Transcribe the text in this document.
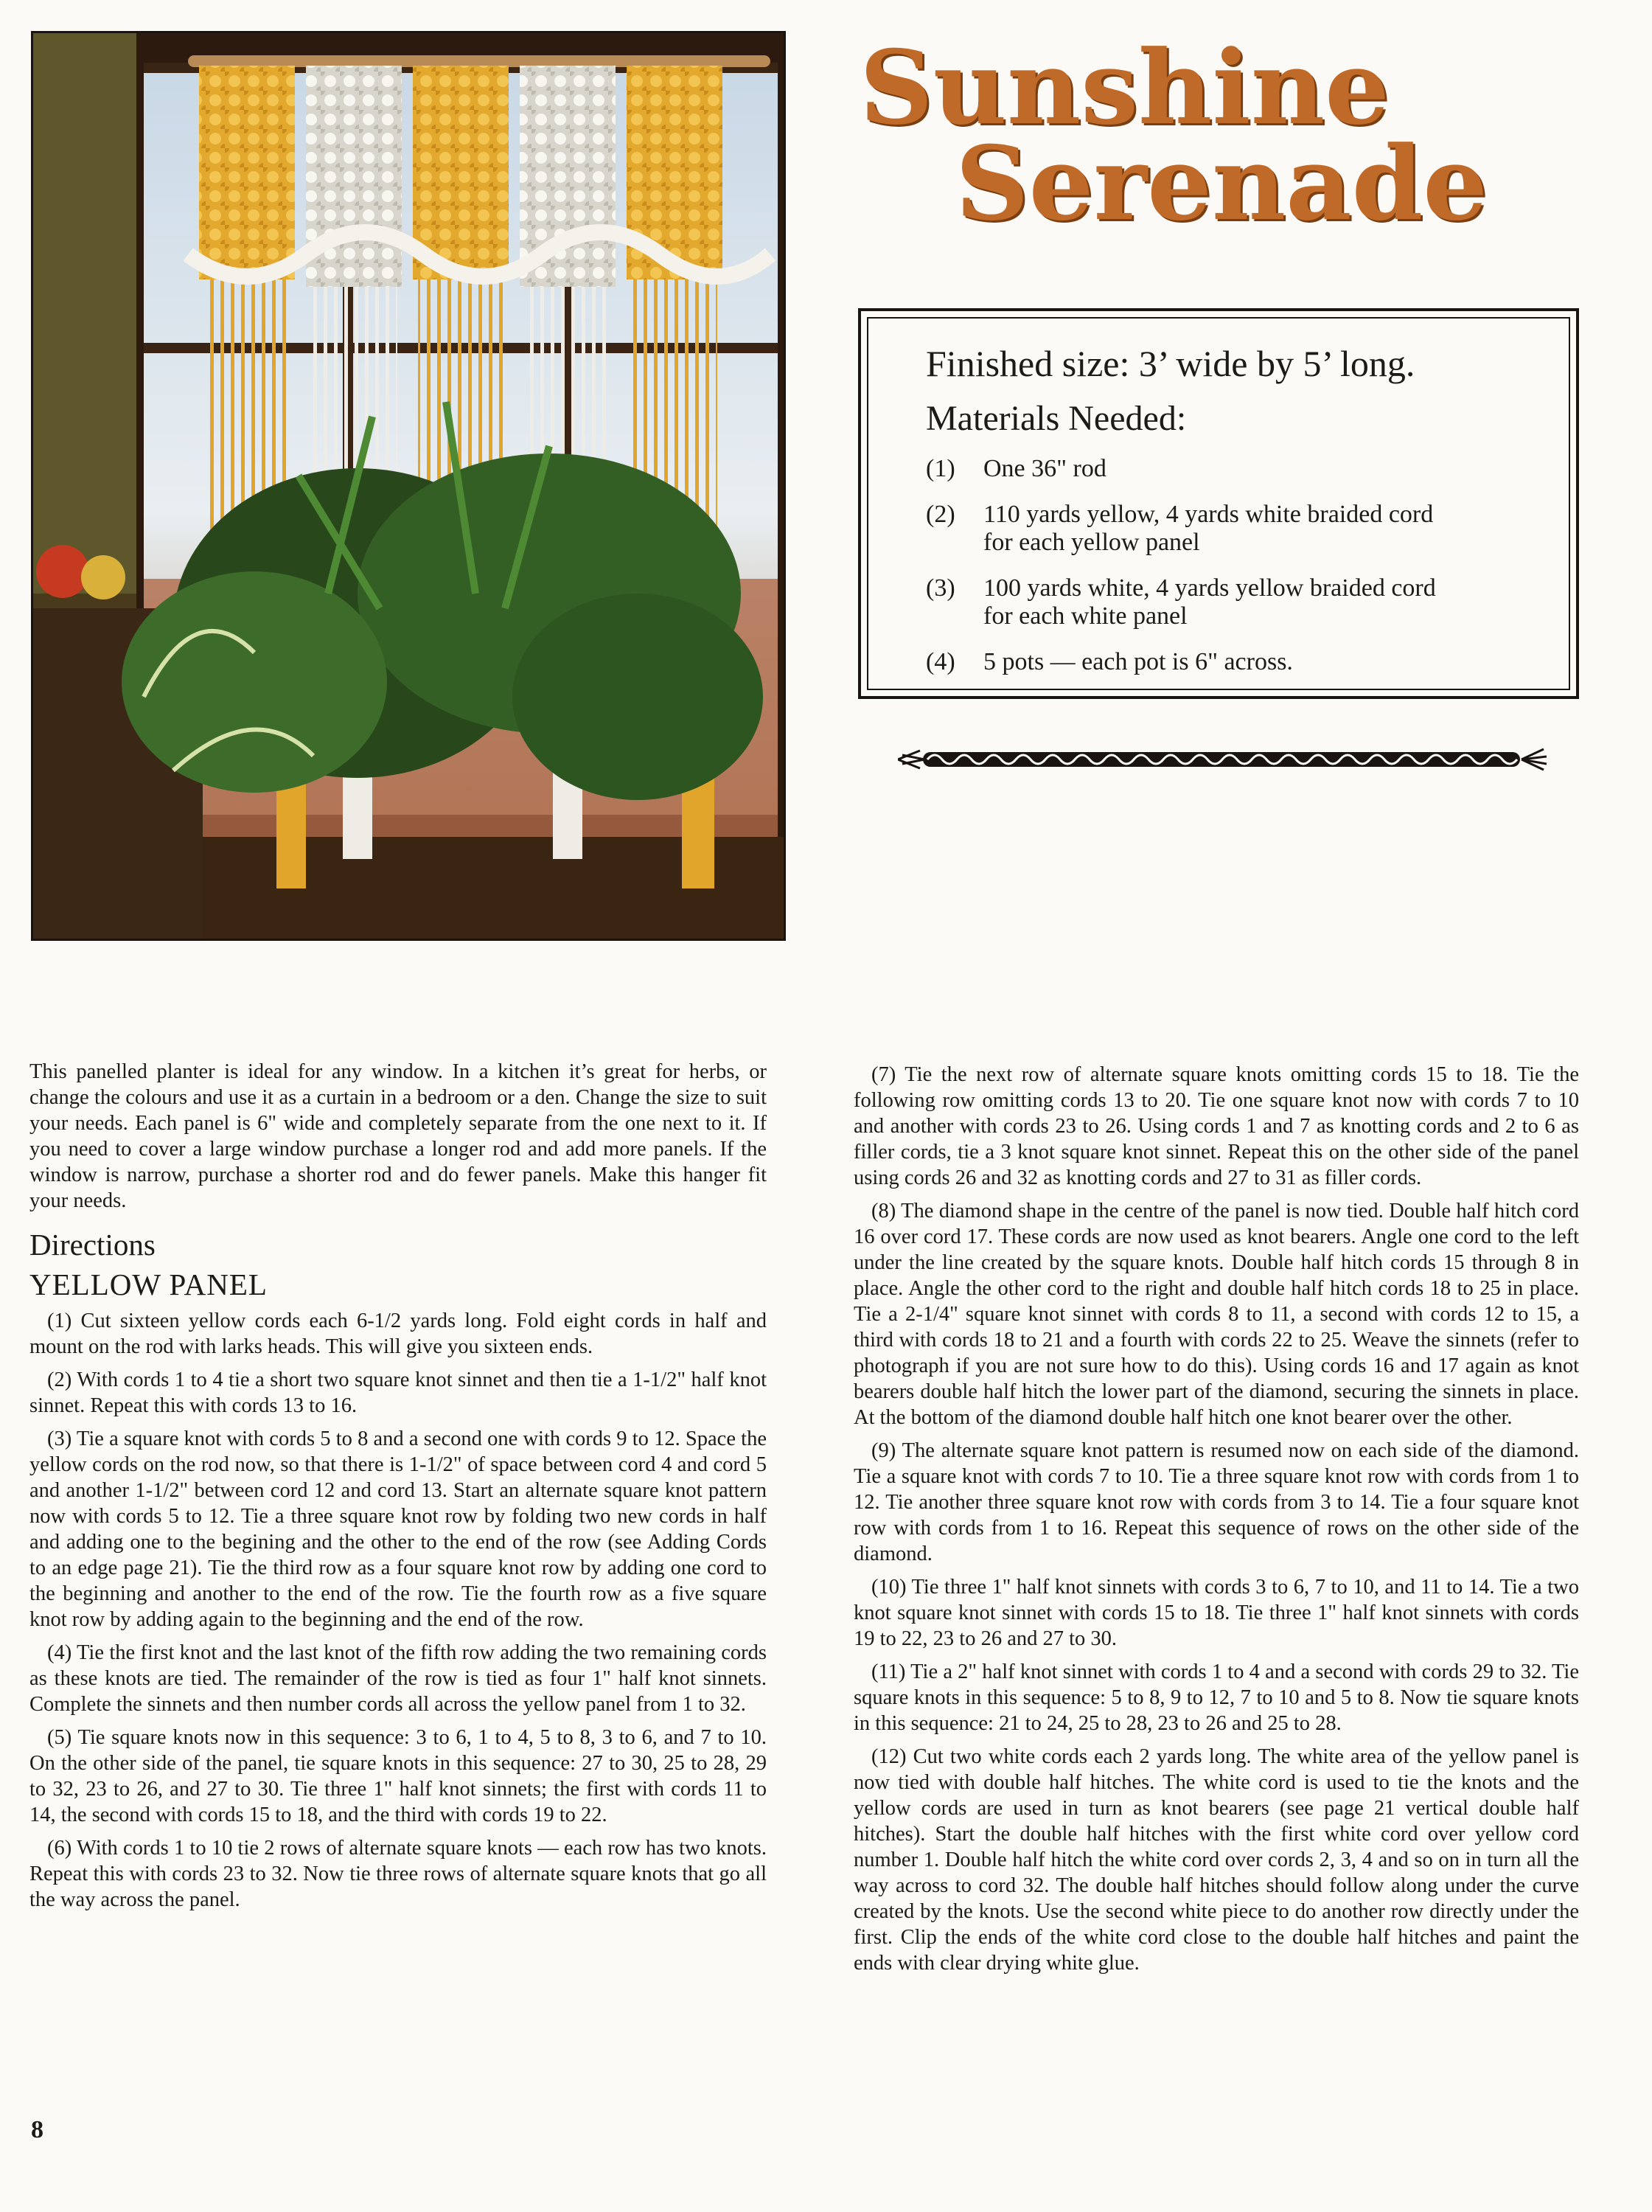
Sunshine
Serenade

Finished size: 3’ wide by 5’ long.

Materials Needed:

(1)	One 36" rod
(2)	110 yards yellow, 4 yards white braided cord for each yellow panel
(3)	100 yards white, 4 yards yellow braided cord for each white panel
(4)	5 pots — each pot is 6" across.

This panelled planter is ideal for any window. In a kitchen it’s great for herbs, or change the colours and use it as a curtain in a bedroom or a den. Change the size to suit your needs. Each panel is 6" wide and completely separate from the one next to it. If you need to cover a large window purchase a longer rod and add more panels. If the window is narrow, purchase a shorter rod and do fewer panels. Make this hanger fit your needs.

Directions
YELLOW PANEL

(1) Cut sixteen yellow cords each 6-1/2 yards long. Fold eight cords in half and mount on the rod with larks heads. This will give you sixteen ends.

(2) With cords 1 to 4 tie a short two square knot sinnet and then tie a 1-1/2" half knot sinnet. Repeat this with cords 13 to 16.

(3) Tie a square knot with cords 5 to 8 and a second one with cords 9 to 12. Space the yellow cords on the rod now, so that there is 1-1/2" of space between cord 4 and cord 5 and another 1-1/2" between cord 12 and cord 13. Start an alternate square knot pattern now with cords 5 to 12. Tie a three square knot row by folding two new cords in half and adding one to the begining and the other to the end of the row (see Adding Cords to an edge page 21). Tie the third row as a four square knot row by adding one cord to the beginning and another to the end of the row. Tie the fourth row as a five square knot row by adding again to the beginning and the end of the row.

(4) Tie the first knot and the last knot of the fifth row adding the two remaining cords as these knots are tied. The remainder of the row is tied as four 1" half knot sinnets. Complete the sinnets and then number cords all across the yellow panel from 1 to 32.

(5) Tie square knots now in this sequence: 3 to 6, 1 to 4, 5 to 8, 3 to 6, and 7 to 10. On the other side of the panel, tie square knots in this sequence: 27 to 30, 25 to 28, 29 to 32, 23 to 26, and 27 to 30. Tie three 1" half knot sinnets; the first with cords 11 to 14, the second with cords 15 to 18, and the third with cords 19 to 22.

(6) With cords 1 to 10 tie 2 rows of alternate square knots — each row has two knots. Repeat this with cords 23 to 32. Now tie three rows of alternate square knots that go all the way across the panel.

(7) Tie the next row of alternate square knots omitting cords 15 to 18. Tie the following row omitting cords 13 to 20. Tie one square knot now with cords 7 to 10 and another with cords 23 to 26. Using cords 1 and 7 as knotting cords and 2 to 6 as filler cords, tie a 3 knot square knot sinnet. Repeat this on the other side of the panel using cords 26 and 32 as knotting cords and 27 to 31 as filler cords.

(8) The diamond shape in the centre of the panel is now tied. Double half hitch cord 16 over cord 17. These cords are now used as knot bearers. Angle one cord to the left under the line created by the square knots. Double half hitch cords 15 through 8 in place. Angle the other cord to the right and double half hitch cords 18 to 25 in place. Tie a 2-1/4" square knot sinnet with cords 8 to 11, a second with cords 12 to 15, a third with cords 18 to 21 and a fourth with cords 22 to 25. Weave the sinnets (refer to photograph if you are not sure how to do this). Using cords 16 and 17 again as knot bearers double half hitch the lower part of the diamond, securing the sinnets in place. At the bottom of the diamond double half hitch one knot bearer over the other.

(9) The alternate square knot pattern is resumed now on each side of the diamond. Tie a square knot with cords 7 to 10. Tie a three square knot row with cords from 1 to 12. Tie another three square knot row with cords from 3 to 14. Tie a four square knot row with cords from 1 to 16. Repeat this sequence of rows on the other side of the diamond.

(10) Tie three 1" half knot sinnets with cords 3 to 6, 7 to 10, and 11 to 14. Tie a two knot square knot sinnet with cords 15 to 18. Tie three 1" half knot sinnets with cords 19 to 22, 23 to 26 and 27 to 30.

(11) Tie a 2" half knot sinnet with cords 1 to 4 and a second with cords 29 to 32. Tie square knots in this sequence: 5 to 8, 9 to 12, 7 to 10 and 5 to 8. Now tie square knots in this sequence: 21 to 24, 25 to 28, 23 to 26 and 25 to 28.

(12) Cut two white cords each 2 yards long. The white area of the yellow panel is now tied with double half hitches. The white cord is used to tie the knots and the yellow cords are used in turn as knot bearers (see page 21 vertical double half hitches). Start the double half hitches with the first white cord over yellow cord number 1. Double half hitch the white cord over cords 2, 3, 4 and so on in turn all the way across to cord 32. The double half hitches should follow along under the curve created by the knots. Use the second white piece to do another row directly under the first. Clip the ends of the white cord close to the double half hitches and paint the ends with clear drying white glue.

8
